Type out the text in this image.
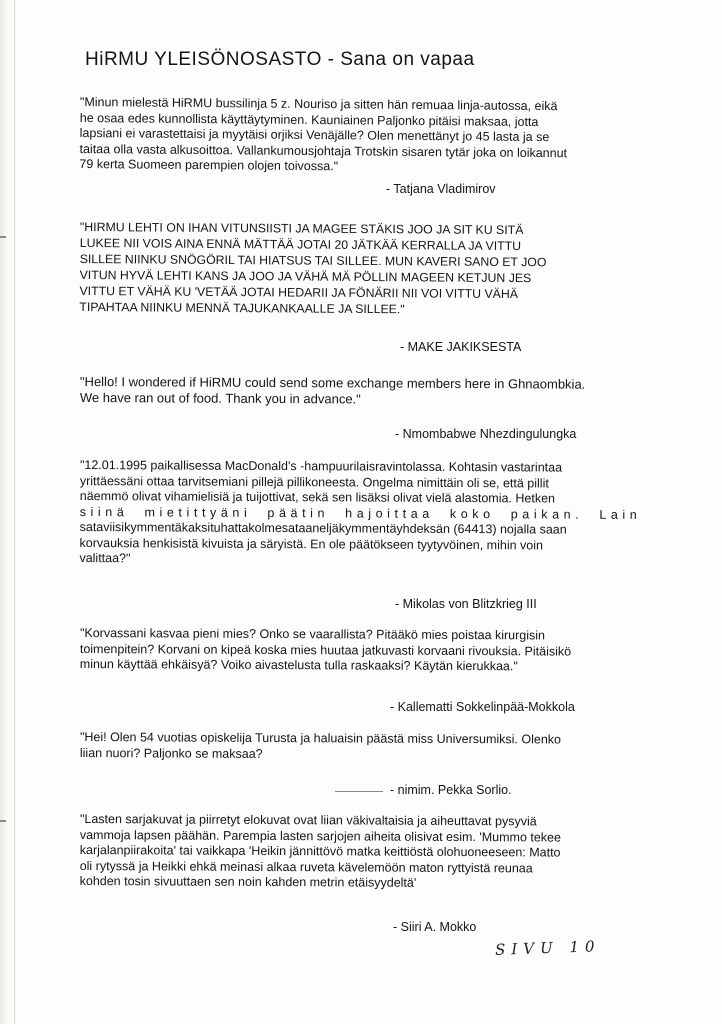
HiRMU YLEISÖNOSASTO - Sana on vapaa
"Minun mielestä HiRMU bussilinja 5 z. Nouriso ja sitten hän remuaa linja-autossa, eikä
he osaa edes kunnollista käyttäytyminen. Kauniainen Paljonko pitäisi maksaa, jotta
lapsiani ei varastettaisi ja myytäisi orjiksi Venäjälle? Olen menettänyt jo 45 lasta ja se
taitaa olla vasta alkusoittoa. Vallankumousjohtaja Trotskin sisaren tytär joka on loikannut
79 kerta Suomeen parempien olojen toivossa."
- Tatjana Vladimirov
"HIRMU LEHTI ON IHAN VITUNSIISTI JA MAGEE STÄKIS JOO JA SIT KU SITÄ
LUKEE NII VOIS AINA ENNÄ MÄTTÄÄ JOTAI 20 JÄTKÄÄ KERRALLA JA VITTU
SILLEE NIINKU SNÖGÖRIL TAI HIATSUS TAI SILLEE. MUN KAVERI SANO ET JOO
VITUN HYVÄ LEHTI KANS JA JOO JA VÄHÄ MÄ PÖLLIN MAGEEN KETJUN JES
VITTU ET VÄHÄ KU 'VETÄÄ JOTAI HEDARII JA FÖNÄRII NII VOI VITTU VÄHÄ
TIPAHTAA NIINKU MENNÄ TAJUKANKAALLE JA SILLEE."
- MAKE JAKIKSESTA
"Hello! I wondered if HiRMU could send some exchange members here in Ghnaombkia.
We have ran out of food. Thank you in advance."
- Nmombabwe Nhezdingulungka
"12.01.1995 paikallisessa MacDonald's -hampuurilaisravintolassa. Kohtasin vastarintaa
yrittäessäni ottaa tarvitsemiani pillejä pillikoneesta. Ongelma nimittäin oli se, että pillit
näemmö olivat vihamielisiä ja tuijottivat, sekä sen lisäksi olivat vielä alastomia. Hetken
siinä mietittyäni päätin hajoittaa koko paikan. Lain
sataviisikymmentäkaksituhattakolmesataaneljäkymmentäyhdeksän (64413) nojalla saan
korvauksia henkisistä kivuista ja säryistä. En ole päätökseen tyytyvöinen, mihin voin
valittaa?"
- Mikolas von Blitzkrieg III
"Korvassani kasvaa pieni mies? Onko se vaarallista? Pitääkö mies poistaa kirurgisin
toimenpitein? Korvani on kipeä koska mies huutaa jatkuvasti korvaani rivouksia. Pitäisikö
minun käyttää ehkäisyä? Voiko aivastelusta tulla raskaaksi? Käytän kierukkaa."
- Kallematti Sokkelinpää-Mokkola
"Hei! Olen 54 vuotias opiskelija Turusta ja haluaisin päästä miss Universumiksi. Olenko
liian nuori? Paljonko se maksaa?
- nimim. Pekka Sorlio.
"Lasten sarjakuvat ja piirretyt elokuvat ovat liian väkivaltaisia ja aiheuttavat pysyviä
vammoja lapsen päähän. Parempia lasten sarjojen aiheita olisivat esim. 'Mummo tekee
karjalanpiirakoita' tai vaikkapa 'Heikin jännittövö matka keittiöstä olohuoneeseen: Matto
oli rytyssä ja Heikki ehkä meinasi alkaa ruveta kävelemöön maton ryttyistä reunaa
kohden tosin sivuuttaen sen noin kahden metrin etäisyydeltä'
- Siiri A. Mokko
SIVU 10
